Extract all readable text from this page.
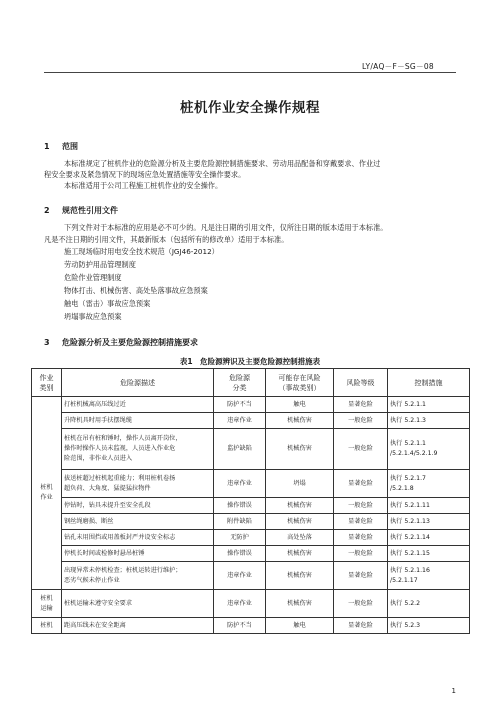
LY/AQ－F－SG－08
桩机作业安全操作规程
1 范围
本标准规定了桩机作业的危险源分析及主要危险源控制措施要求、劳动用品配备和穿戴要求、作业过
程安全要求及紧急情况下的现场应急处置措施等安全操作要求。
本标准适用于公司工程施工桩机作业的安全操作。
2 规范性引用文件
下列文件对于本标准的应用是必不可少的。凡是注日期的引用文件，仅所注日期的版本适用于本标准。
凡是不注日期的引用文件，其最新版本（包括所有的修改单）适用于本标准。
施工现场临时用电安全技术规范（JGJ46-2012）
劳动防护用品管理制度
危险作业管理制度
物体打击、机械伤害、高处坠落事故应急预案
触电（雷击）事故应急预案
坍塌事故应急预案
3 危险源分析及主要危险源控制措施要求
表1　危险源辨识及主要危险源控制措施表
作业
类别	危险源描述	危险源
分类	可能存在风险
（事故类别）	风险等级	控制措施
桩机
作业	打桩机械离高压线过近	防护不当	触电	显著危险	执行 5.2.1.1
	升降机具时用手扶摆绳缆	违章作业	机械伤害	一般危险	执行 5.2.1.3
	桩机在吊有桩和锤时，操作人员离开岗位，
操作时操作人员未监视，人员进入作业危
险范围，非作业人员进入	监护缺陷	机械伤害	一般危险	执行 5.2.1.1
/5.2.1.4/5.2.1.9
	拔送桩超过桩机起重能力；利用桩机卷扬
超负荷、大角度、猛提猛拉物件	违章作业	坍塌	显著危险	执行 5.2.1.7
/5.2.1.8
	停钻时，钻具未提升至安全孔段	操作错误	机械伤害	一般危险	执行 5.2.1.11
	钢丝绳磨损、断丝	附件缺陷	机械伤害	显著危险	执行 5.2.1.13
	钻孔未用围挡或用盖板封严并设安全标志	无防护	高处坠落	显著危险	执行 5.2.1.14
	停机长时间或检修时悬吊桩锤	操作错误	机械伤害	一般危险	执行 5.2.1.15
	出现异常未停机检查；桩机运转进行维护；
恶劣气候未停止作业	违章作业	机械伤害	显著危险	执行 5.2.1.16
/5.2.1.17
桩机
运输	桩机运输未遵守安全要求	违章作业	机械伤害	一般危险	执行 5.2.2
桩机	距高压线未在安全距离	防护不当	触电	显著危险	执行 5.2.3
1
